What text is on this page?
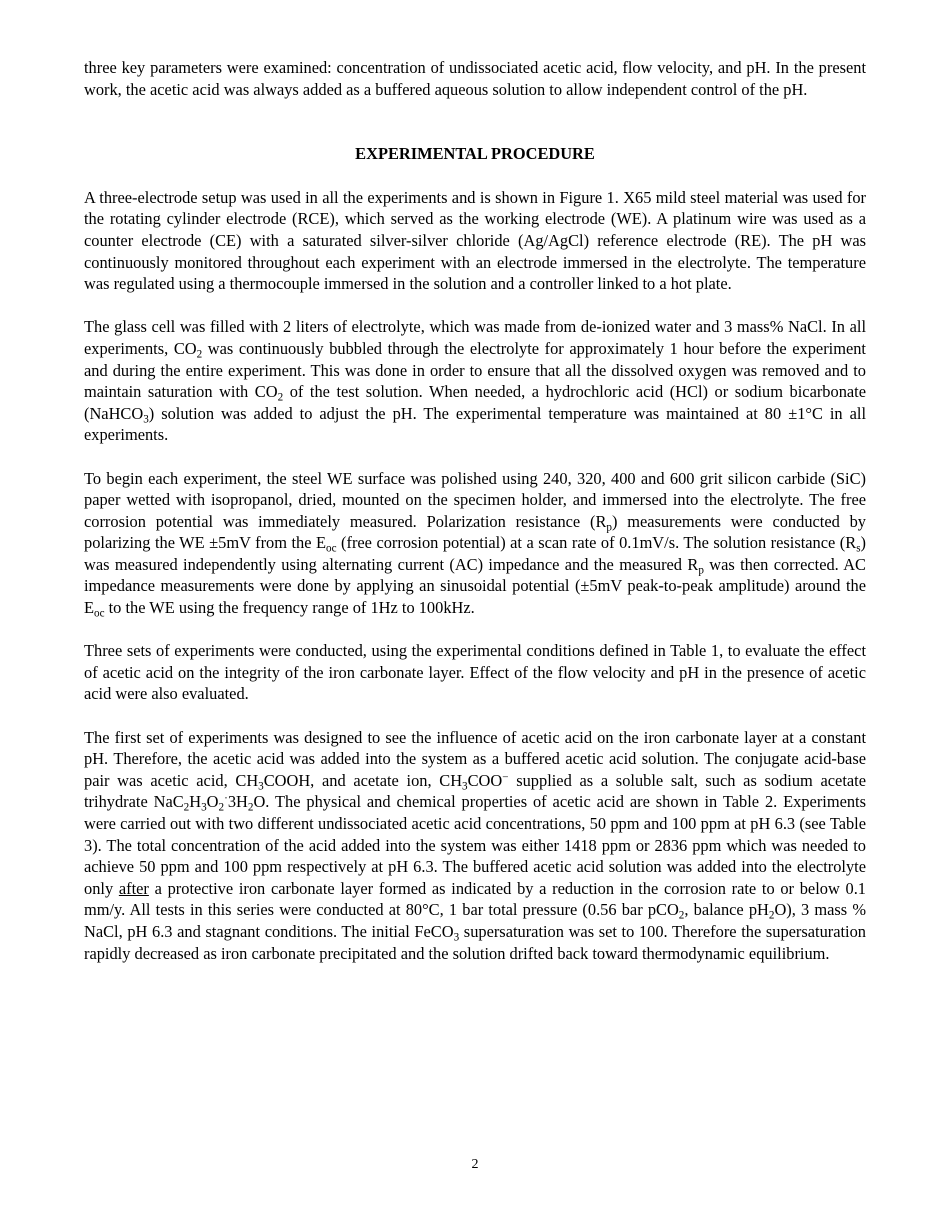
three key parameters were examined: concentration of undissociated acetic acid, flow velocity, and pH. In the present work, the acetic acid was always added as a buffered aqueous solution to allow independent control of the pH.

EXPERIMENTAL PROCEDURE

A three-electrode setup was used in all the experiments and is shown in Figure 1. X65 mild steel material was used for the rotating cylinder electrode (RCE), which served as the working electrode (WE). A platinum wire was used as a counter electrode (CE) with a saturated silver-silver chloride (Ag/AgCl) reference electrode (RE). The pH was continuously monitored throughout each experiment with an electrode immersed in the electrolyte. The temperature was regulated using a thermocouple immersed in the solution and a controller linked to a hot plate.

The glass cell was filled with 2 liters of electrolyte, which was made from de-ionized water and 3 mass% NaCl. In all experiments, $CO_2$ was continuously bubbled through the electrolyte for approximately 1 hour before the experiment and during the entire experiment. This was done in order to ensure that all the dissolved oxygen was removed and to maintain saturation with $CO_2$ of the test solution. When needed, a hydrochloric acid (HCl) or sodium bicarbonate (NaHCO$_3$) solution was added to adjust the pH. The experimental temperature was maintained at 80 ±1°C in all experiments.

To begin each experiment, the steel WE surface was polished using 240, 320, 400 and 600 grit silicon carbide (SiC) paper wetted with isopropanol, dried, mounted on the specimen holder, and immersed into the electrolyte. The free corrosion potential was immediately measured. Polarization resistance $(R_p)$ measurements were conducted by polarizing the WE ±5mV from the $E_{oc}$ (free corrosion potential) at a scan rate of 0.1mV/s. The solution resistance $(R_s)$ was measured independently using alternating current (AC) impedance and the measured $R_p$ was then corrected. AC impedance measurements were done by applying an sinusoidal potential (±5mV peak-to-peak amplitude) around the $E_{oc}$ to the WE using the frequency range of 1Hz to 100kHz.

Three sets of experiments were conducted, using the experimental conditions defined in Table 1, to evaluate the effect of acetic acid on the integrity of the iron carbonate layer. Effect of the flow velocity and pH in the presence of acetic acid were also evaluated.

The first set of experiments was designed to see the influence of acetic acid on the iron carbonate layer at a constant pH. Therefore, the acetic acid was added into the system as a buffered acetic acid solution. The conjugate acid-base pair was acetic acid, $CH_3COOH$, and acetate ion, $CH_3COO^-$ supplied as a soluble salt, such as sodium acetate trihydrate $NaC_2H_3O_2^\cdot 3H_2O$. The physical and chemical properties of acetic acid are shown in Table 2. Experiments were carried out with two different undissociated acetic acid concentrations, 50 ppm and 100 ppm at pH 6.3 (see Table 3). The total concentration of the acid added into the system was either 1418 ppm or 2836 ppm which was needed to achieve 50 ppm and 100 ppm respectively at pH 6.3. The buffered acetic acid solution was added into the electrolyte only after a protective iron carbonate layer formed as indicated by a reduction in the corrosion rate to or below 0.1 mm/y. All tests in this series were conducted at 80°C, 1 bar total pressure (0.56 bar pCO$_2$, balance $pH_2O$), 3 mass % NaCl, pH 6.3 and stagnant conditions. The initial FeCO$_3$ supersaturation was set to 100. Therefore the supersaturation rapidly decreased as iron carbonate precipitated and the solution drifted back toward thermodynamic equilibrium.

2
